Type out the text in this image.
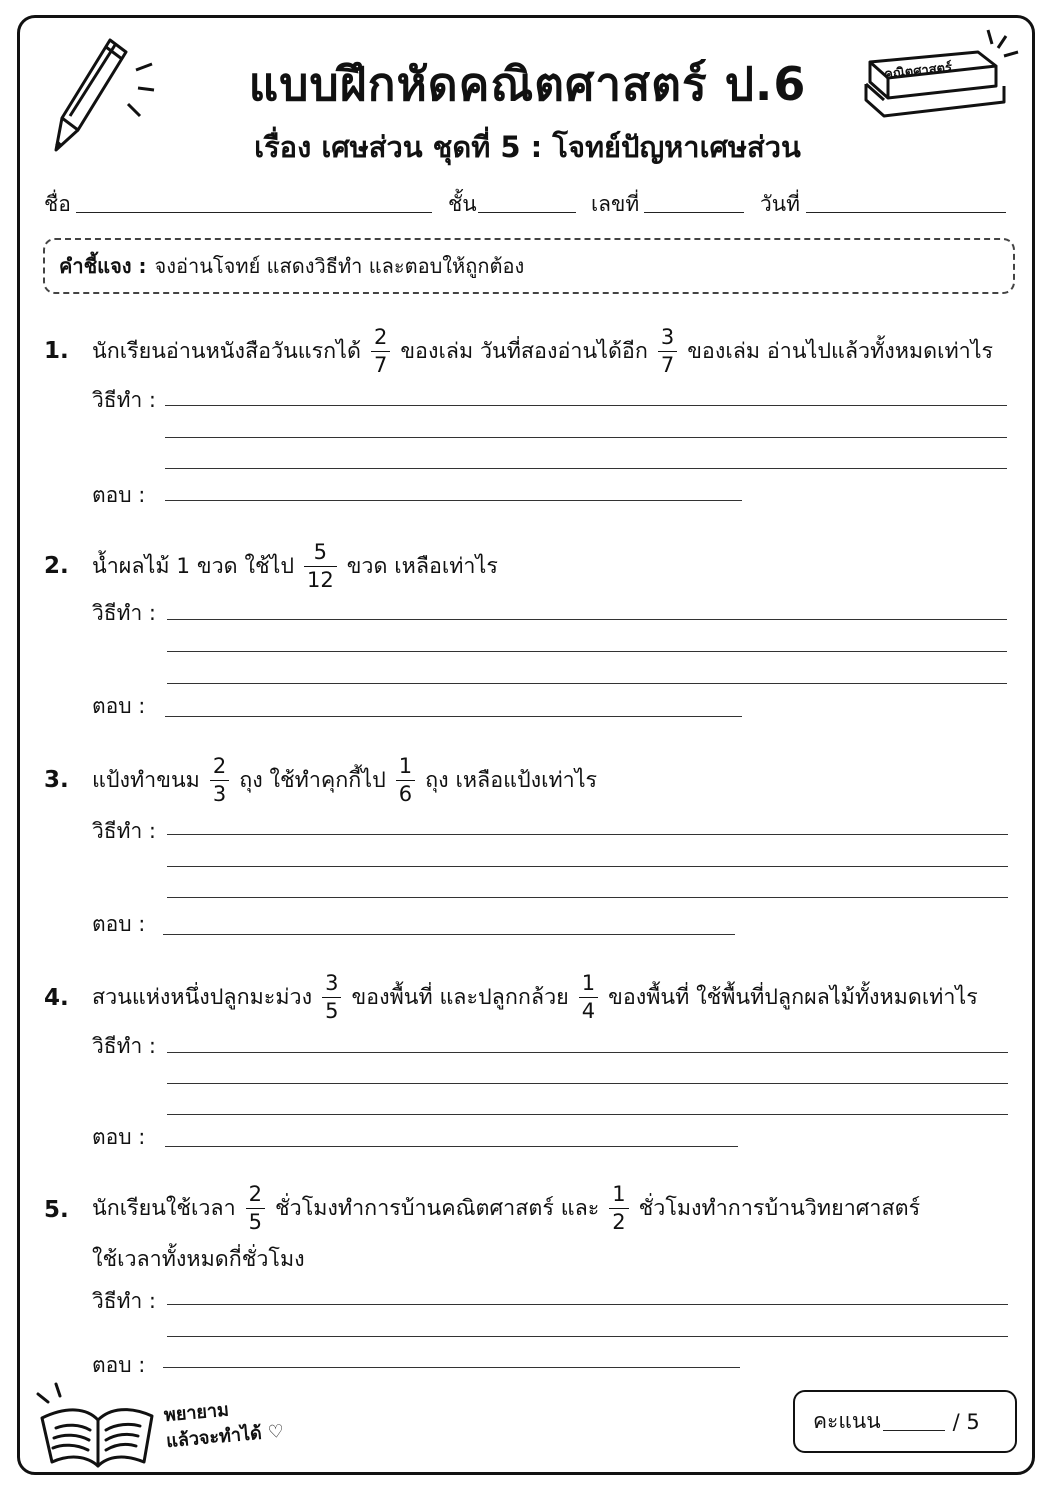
คณิตศาสตร์
แบบฝึกหัดคณิตศาสตร์ ป.6
เรื่อง เศษส่วน ชุดที่ 5 : โจทย์ปัญหาเศษส่วน
ชื่อ	ชั้น	เลขที่	วันที่
คำชี้แจง : จงอ่านโจทย์ แสดงวิธีทำ และตอบให้ถูกต้อง
1. นักเรียนอ่านหนังสือวันแรกได้ $\frac{2}{7}$ ของเล่ม วันที่สองอ่านได้อีก $\frac{3}{7}$ ของเล่ม อ่านไปแล้วทั้งหมดเท่าไร
วิธีทำ :
ตอบ :
2. น้ำผลไม้ 1 ขวด ใช้ไป $\frac{5}{12}$ ขวด เหลือเท่าไร
วิธีทำ :
ตอบ :
3. แป้งทำขนม $\frac{2}{3}$ ถุง ใช้ทำคุกกี้ไป $\frac{1}{6}$ ถุง เหลือแป้งเท่าไร
วิธีทำ :
ตอบ :
4. สวนแห่งหนึ่งปลูกมะม่วง $\frac{3}{5}$ ของพื้นที่ และปลูกกล้วย $\frac{1}{4}$ ของพื้นที่ ใช้พื้นที่ปลูกผลไม้ทั้งหมดเท่าไร
วิธีทำ :
ตอบ :
5. นักเรียนใช้เวลา $\frac{2}{5}$ ชั่วโมงทำการบ้านคณิตศาสตร์ และ $\frac{1}{2}$ ชั่วโมงทำการบ้านวิทยาศาสตร์
ใช้เวลาทั้งหมดกี่ชั่วโมง
วิธีทำ :
ตอบ :
พยายาม
แล้วจะทำได้ ♡	คะแนน	/ 5
